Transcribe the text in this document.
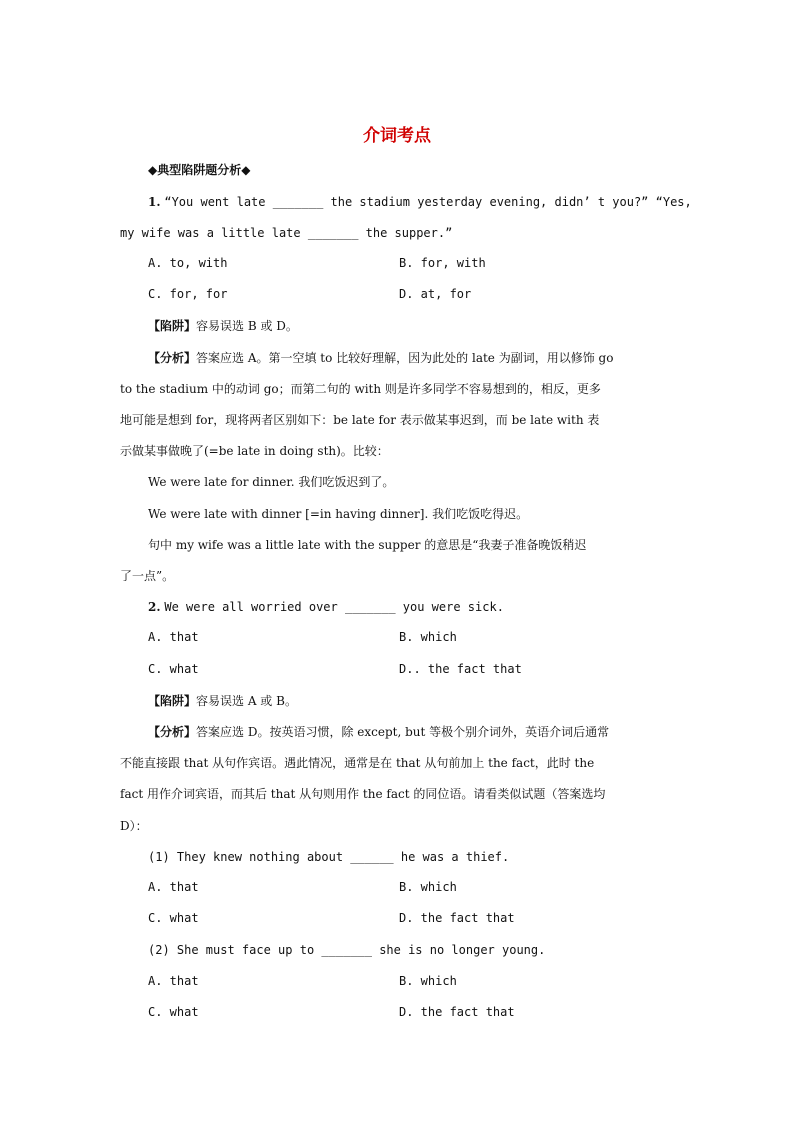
介词考点
◆典型陷阱题分析◆
1. “You went late _______ the stadium yesterday evening, didn’ t you?” “Yes,
my wife was a little late _______ the supper.”
A. to, with	B. for, with
C. for, for	D. at, for
【陷阱】容易误选 B 或 D。
【分析】答案应选 A。第一空填 to 比较好理解，因为此处的 late 为副词，用以修饰 go
to the stadium 中的动词 go；而第二句的 with 则是许多同学不容易想到的，相反，更多
地可能是想到 for，现将两者区别如下：be late for 表示做某事迟到，而 be late with 表
示做某事做晚了(=be late in doing sth)。比较：
We were late for dinner. 我们吃饭迟到了。
We were late with dinner [=in having dinner]. 我们吃饭吃得迟。
句中 my wife was a little late with the supper 的意思是“我妻子准备晚饭稍迟
了一点”。
2. We were all worried over _______ you were sick.
A. that	B. which
C. what	D.. the fact that
【陷阱】容易误选 A 或 B。
【分析】答案应选 D。按英语习惯，除 except, but 等极个别介词外，英语介词后通常
不能直接跟 that 从句作宾语。遇此情况，通常是在 that 从句前加上 the fact，此时 the
fact 用作介词宾语，而其后 that 从句则用作 the fact 的同位语。请看类似试题（答案选均
D）：
(1) They knew nothing about ______ he was a thief.
A. that	B. which
C. what	D. the fact that
(2) She must face up to _______ she is no longer young.
A. that	B. which
C. what	D. the fact that
